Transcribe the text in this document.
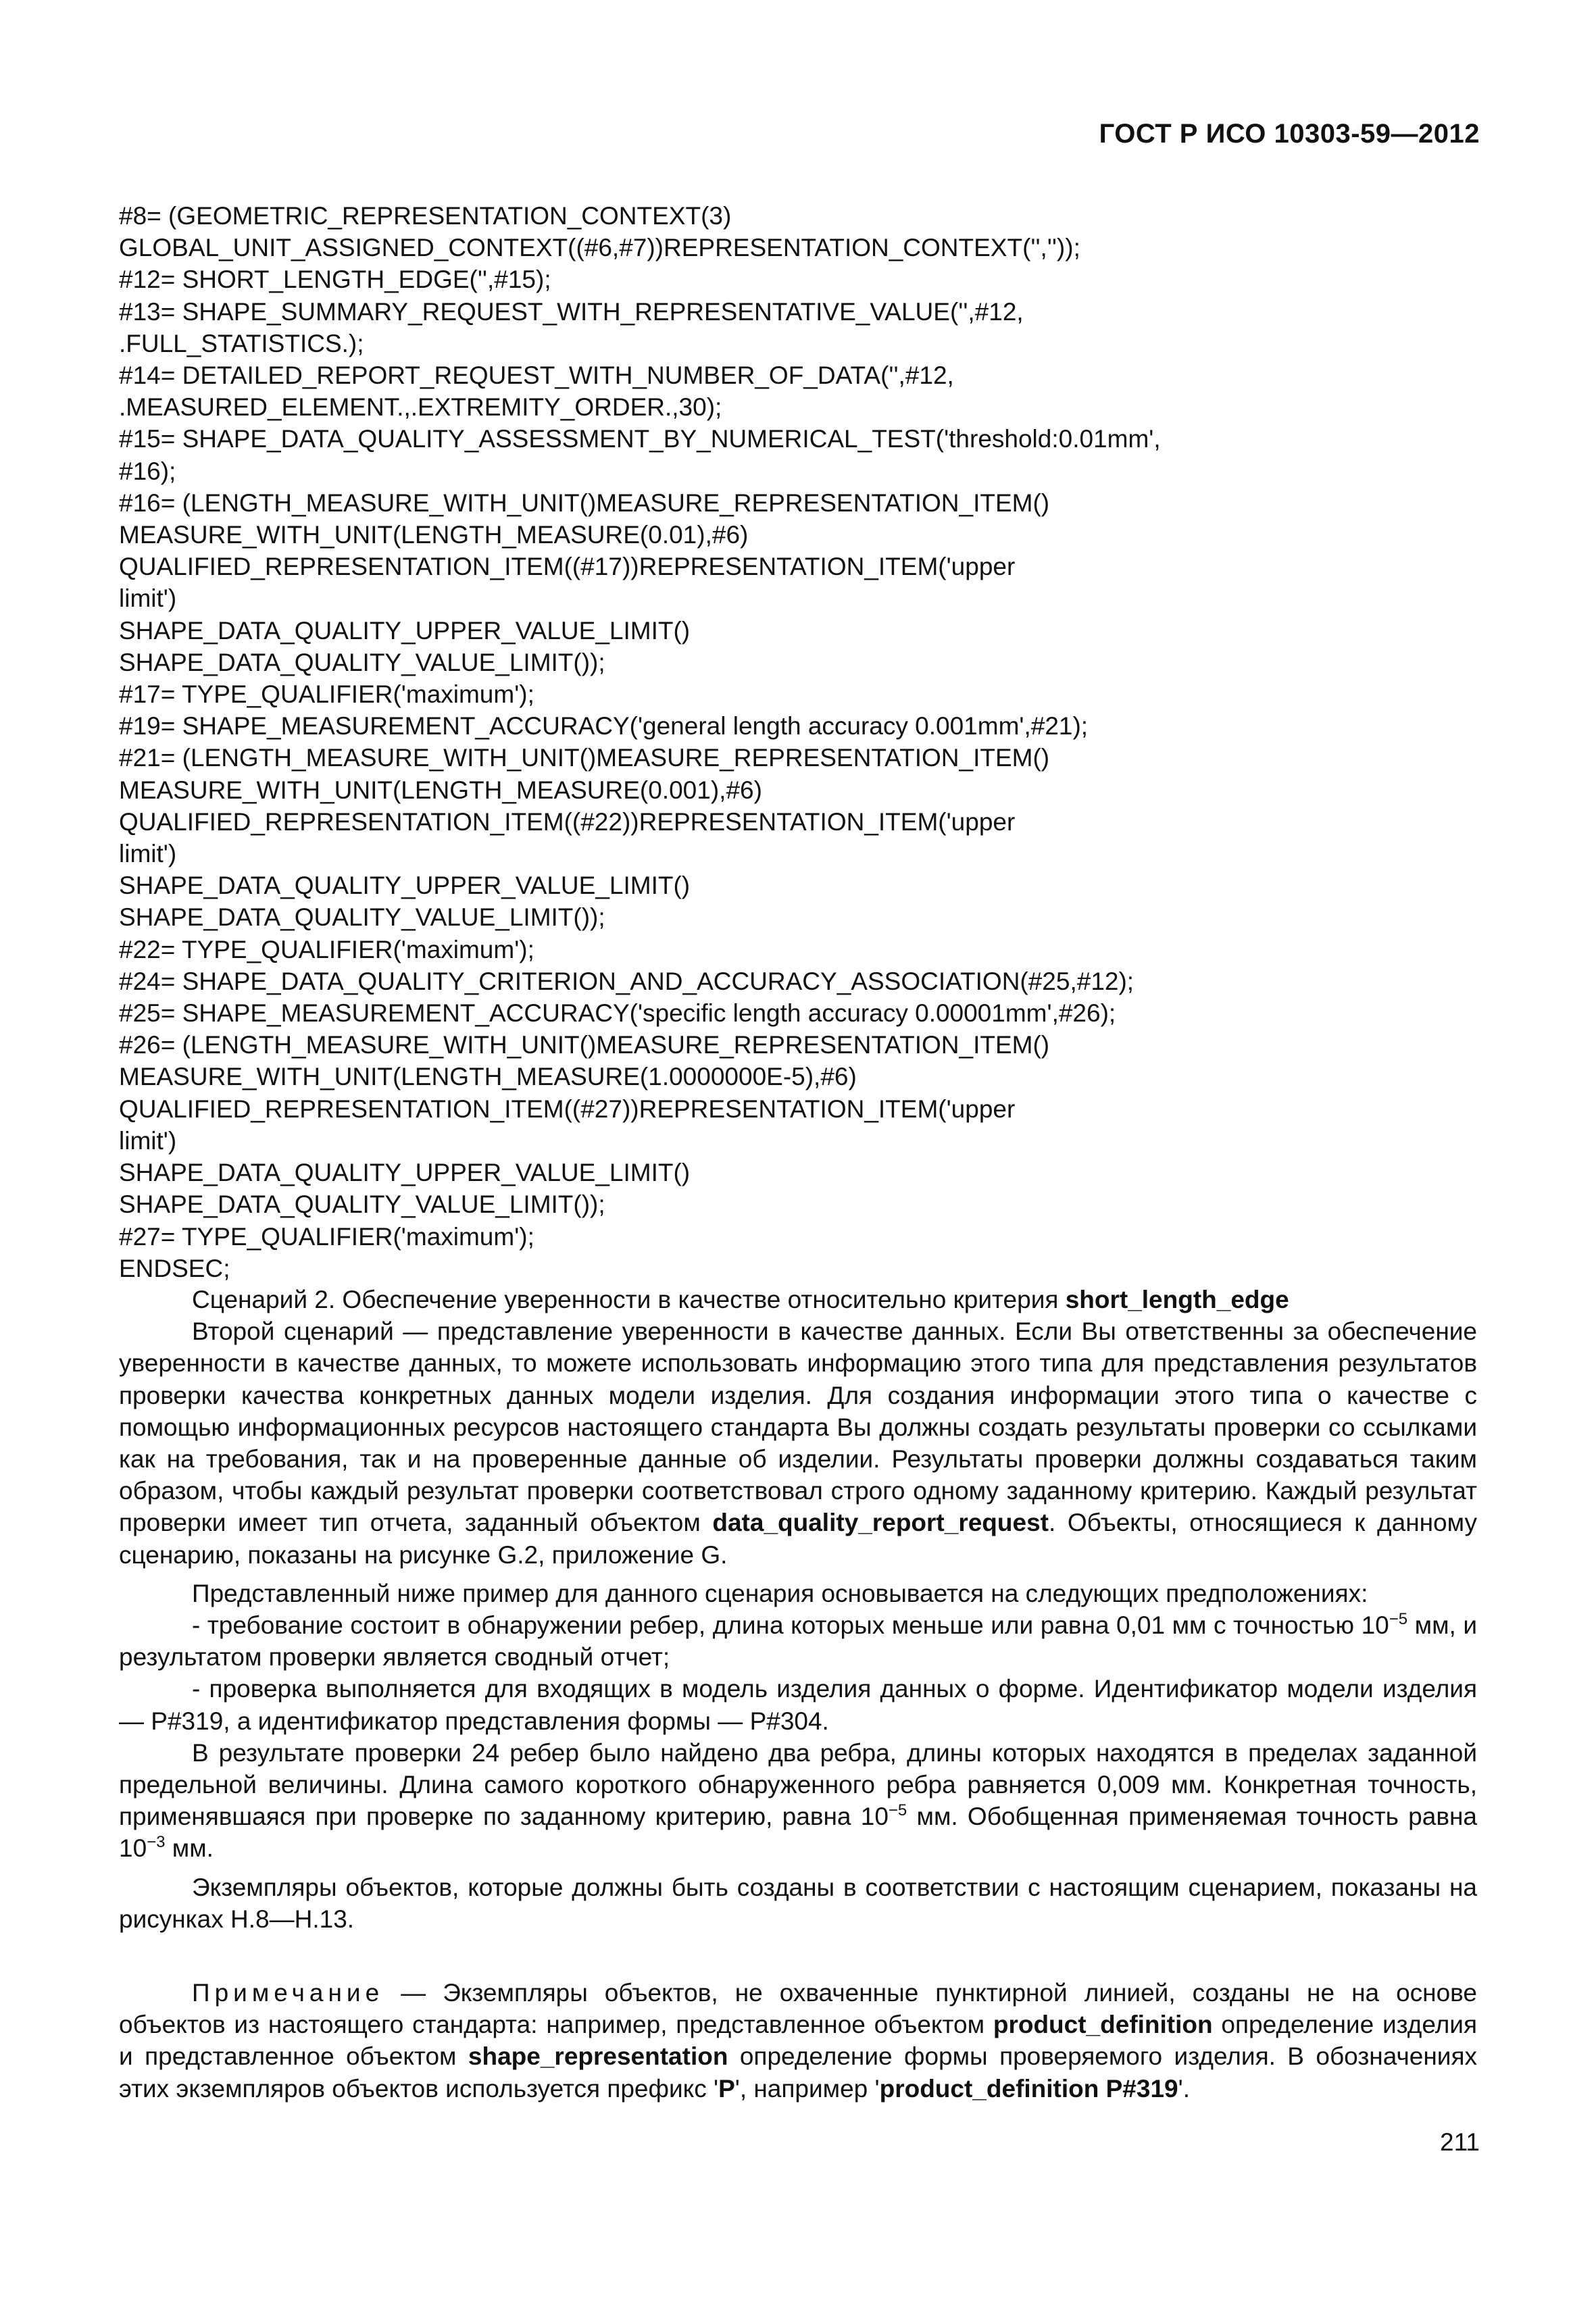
ГОСТ Р ИСО 10303-59—2012
#8= (GEOMETRIC_REPRESENTATION_CONTEXT(3)
GLOBAL_UNIT_ASSIGNED_CONTEXT((#6,#7))REPRESENTATION_CONTEXT('',''));
#12= SHORT_LENGTH_EDGE('',#15);
#13= SHAPE_SUMMARY_REQUEST_WITH_REPRESENTATIVE_VALUE('',#12,
.FULL_STATISTICS.);
#14= DETAILED_REPORT_REQUEST_WITH_NUMBER_OF_DATA('',#12,
.MEASURED_ELEMENT.,.EXTREMITY_ORDER.,30);
#15= SHAPE_DATA_QUALITY_ASSESSMENT_BY_NUMERICAL_TEST('threshold:0.01mm',
#16);
#16= (LENGTH_MEASURE_WITH_UNIT()MEASURE_REPRESENTATION_ITEM()
MEASURE_WITH_UNIT(LENGTH_MEASURE(0.01),#6)
QUALIFIED_REPRESENTATION_ITEM((#17))REPRESENTATION_ITEM('upper
limit')
SHAPE_DATA_QUALITY_UPPER_VALUE_LIMIT()
SHAPE_DATA_QUALITY_VALUE_LIMIT());
#17= TYPE_QUALIFIER('maximum');
#19= SHAPE_MEASUREMENT_ACCURACY('general length accuracy 0.001mm',#21);
#21= (LENGTH_MEASURE_WITH_UNIT()MEASURE_REPRESENTATION_ITEM()
MEASURE_WITH_UNIT(LENGTH_MEASURE(0.001),#6)
QUALIFIED_REPRESENTATION_ITEM((#22))REPRESENTATION_ITEM('upper
limit')
SHAPE_DATA_QUALITY_UPPER_VALUE_LIMIT()
SHAPE_DATA_QUALITY_VALUE_LIMIT());
#22= TYPE_QUALIFIER('maximum');
#24= SHAPE_DATA_QUALITY_CRITERION_AND_ACCURACY_ASSOCIATION(#25,#12);
#25= SHAPE_MEASUREMENT_ACCURACY('specific length accuracy 0.00001mm',#26);
#26= (LENGTH_MEASURE_WITH_UNIT()MEASURE_REPRESENTATION_ITEM()
MEASURE_WITH_UNIT(LENGTH_MEASURE(1.0000000E-5),#6)
QUALIFIED_REPRESENTATION_ITEM((#27))REPRESENTATION_ITEM('upper
limit')
SHAPE_DATA_QUALITY_UPPER_VALUE_LIMIT()
SHAPE_DATA_QUALITY_VALUE_LIMIT());
#27= TYPE_QUALIFIER('maximum');
ENDSEC;

Сценарий 2. Обеспечение уверенности в качестве относительно критерия short_length_edge

Второй сценарий — представление уверенности в качестве данных. Если Вы ответственны за обеспечение уверенности в качестве данных, то можете использовать информацию этого типа для представления результатов проверки качества конкретных данных модели изделия. Для создания информации этого типа о качестве с помощью информационных ресурсов настоящего стандарта Вы должны создать результаты проверки со ссылками как на требования, так и на проверенные данные об изделии. Результаты проверки должны создаваться таким образом, чтобы каждый результат проверки соответствовал строго одному заданному критерию. Каждый результат проверки имеет тип отчета, заданный объектом data_quality_report_request. Объекты, относящиеся к данному сценарию, показаны на рисунке G.2, приложение G.

Представленный ниже пример для данного сценария основывается на следующих предположениях:

- требование состоит в обнаружении ребер, длина которых меньше или равна 0,01 мм с точностью $10^{-5}$ мм, и результатом проверки является сводный отчет;

- проверка выполняется для входящих в модель изделия данных о форме. Идентификатор модели изделия — P#319, а идентификатор представления формы — P#304.

В результате проверки 24 ребер было найдено два ребра, длины которых находятся в пределах заданной предельной величины. Длина самого короткого обнаруженного ребра равняется 0,009 мм. Конкретная точность, применявшаяся при проверке по заданному критерию, равна $10^{-5}$ мм. Обобщенная применяемая точность равна $10^{-3}$ мм.

Экземпляры объектов, которые должны быть созданы в соответствии с настоящим сценарием, показаны на рисунках H.8—H.13.

Примечание — Экземпляры объектов, не охваченные пунктирной линией, созданы не на основе объектов из настоящего стандарта: например, представленное объектом product_definition определение изделия и представленное объектом shape_representation определение формы проверяемого изделия. В обозначениях этих экземпляров объектов используется префикс 'P', например 'product_definition P#319'.

211
